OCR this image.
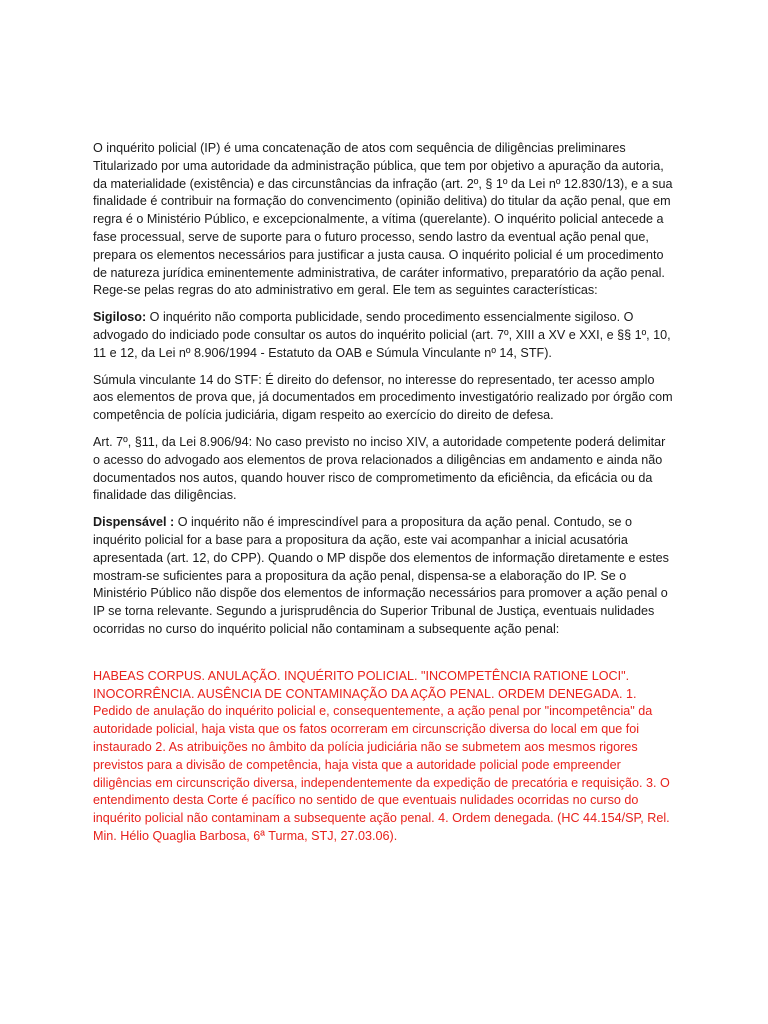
O inquérito policial (IP) é uma concatenação de atos com sequência de diligências preliminares Titularizado por uma autoridade da administração pública, que tem por objetivo a apuração da autoria, da materialidade (existência) e das circunstâncias da infração (art. 2º, § 1º da Lei nº 12.830/13), e a sua finalidade é contribuir na formação do convencimento (opinião delitiva) do titular da ação penal, que em regra é o Ministério Público, e excepcionalmente, a vítima (querelante). O inquérito policial antecede a fase processual, serve de suporte para o futuro processo, sendo lastro da eventual ação penal que, prepara os elementos necessários para justificar a justa causa. O inquérito policial é um procedimento de natureza jurídica eminentemente administrativa, de caráter informativo, preparatório da ação penal. Rege-se pelas regras do ato administrativo em geral. Ele tem as seguintes características:

Sigiloso: O inquérito não comporta publicidade, sendo procedimento essencialmente sigiloso. O advogado do indiciado pode consultar os autos do inquérito policial (art. 7º, XIII a XV e XXI, e §§ 1º, 10, 11 e 12, da Lei nº 8.906/1994 - Estatuto da OAB e Súmula Vinculante nº 14, STF).

Súmula vinculante 14 do STF: É direito do defensor, no interesse do representado, ter acesso amplo aos elementos de prova que, já documentados em procedimento investigatório realizado por órgão com competência de polícia judiciária, digam respeito ao exercício do direito de defesa.

Art. 7º, §11, da Lei 8.906/94: No caso previsto no inciso XIV, a autoridade competente poderá delimitar o acesso do advogado aos elementos de prova relacionados a diligências em andamento e ainda não documentados nos autos, quando houver risco de comprometimento da eficiência, da eficácia ou da finalidade das diligências.

Dispensável : O inquérito não é imprescindível para a propositura da ação penal. Contudo, se o inquérito policial for a base para a propositura da ação, este vai acompanhar a inicial acusatória apresentada (art. 12, do CPP). Quando o MP dispõe dos elementos de informação diretamente e estes mostram-se suficientes para a propositura da ação penal, dispensa-se a elaboração do IP. Se o Ministério Público não dispõe dos elementos de informação necessários para promover a ação penal o IP se torna relevante. Segundo a jurisprudência do Superior Tribunal de Justiça, eventuais nulidades ocorridas no curso do inquérito policial não contaminam a subsequente ação penal:

HABEAS CORPUS. ANULAÇÃO. INQUÉRITO POLICIAL. "INCOMPETÊNCIA RATIONE LOCI". INOCORRÊNCIA. AUSÊNCIA DE CONTAMINAÇÃO DA AÇÃO PENAL. ORDEM DENEGADA. 1. Pedido de anulação do inquérito policial e, consequentemente, a ação penal por "incompetência" da autoridade policial, haja vista que os fatos ocorreram em circunscrição diversa do local em que foi instaurado 2. As atribuições no âmbito da polícia judiciária não se submetem aos mesmos rigores previstos para a divisão de competência, haja vista que a autoridade policial pode empreender diligências em circunscrição diversa, independentemente da expedição de precatória e requisição. 3. O entendimento desta Corte é pacífico no sentido de que eventuais nulidades ocorridas no curso do inquérito policial não contaminam a subsequente ação penal. 4. Ordem denegada. (HC 44.154/SP, Rel. Min. Hélio Quaglia Barbosa, 6ª Turma, STJ, 27.03.06).
